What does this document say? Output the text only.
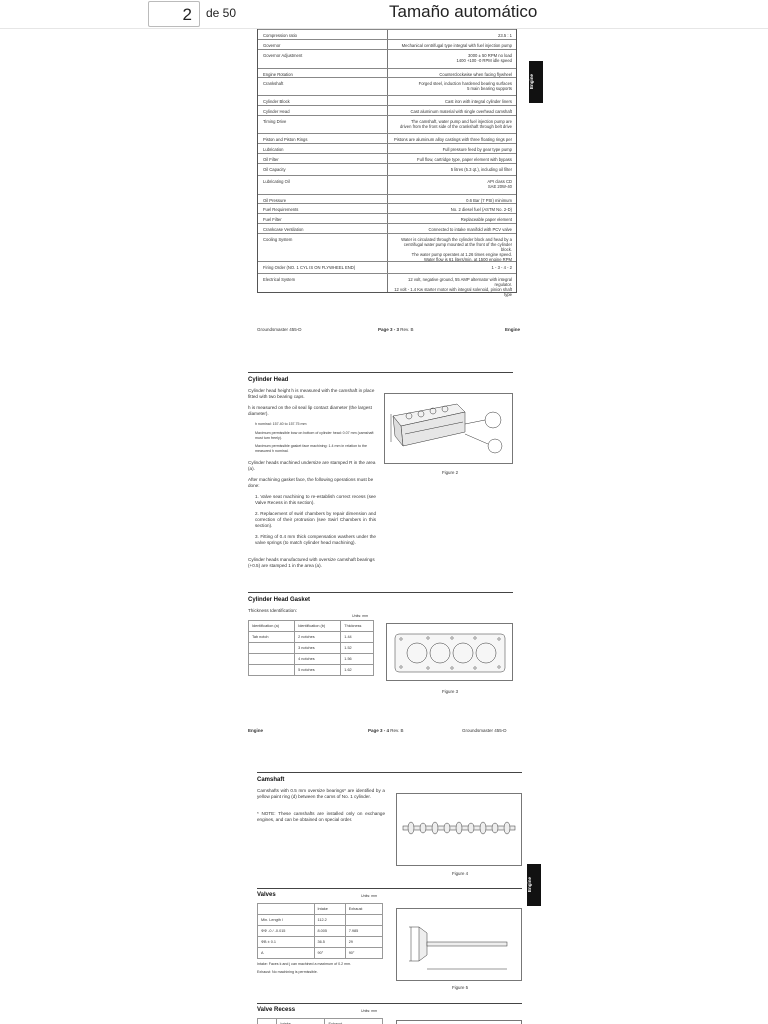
2	de 50	Tamaño automático
Compression ratio	23.5 : 1
Governor	Mechanical centrifugal type integral with fuel injection pump
Governor Adjustment	3000 ± 50 RPM no load
1400 +100 -0 RPM idle speed
Engine Rotation	Counterclockwise when facing flywheel
Crankshaft	Forged steel, induction hardened bearing surfaces
5 main bearing supports
Cylinder Block	Cast iron with integral cylinder liners
Cylinder Head	Cast aluminum material with single overhead camshaft
Timing Drive	The camshaft, water pump and fuel injection pump are
driven from the front side of the crankshaft through belt drive
Piston and Piston Rings	Pistons are aluminum alloy castings with three floating rings per
Lubrication	Full pressure feed by gear type pump
Oil Filter	Full flow, cartridge type, paper element with bypass
Oil Capacity	5 litres (5.3 qt.), including oil filter
Lubricating Oil	API class CD
SAE 20W-40
Oil Pressure	0.6 Bar (7 PSI) minimum
Fuel Requirements	No. 2 diesel fuel (ASTM No. 2-D)
Fuel Filter	Replaceable paper element
Crankcase Ventilation	Connected to intake manifold with PCV valve
Cooling System	Water is circulated through the cylinder block and head by a
centrifugal water pump mounted at the front of the cylinder block.
The water pump operates at 1.26 times engine speed.
Water flow is 61 liters/min. at 1500 engine RPM
Firing Order (NO. 1 CYL IS ON FLYWHEEL END)	1 - 3 - 4 - 2
Electrical System	12 volt, negative ground, 55 AMP alternator with integral regulator.
12 volt - 1.4 Kw starter motor with integral solenoid, pinion shaft type
Engine
Groundsmaster 455-D	Page 3 - 3 Rev. B	Engine
Cylinder Head
Cylinder head height h is measured with the camshaft in place fitted with two bearing caps.
h is measured on the oil seal lip contact diameter (the largest diameter).
h nominal: 157.40 to 157.75 mm
Maximum permissible bow on bottom of cylinder head: 0.07 mm (camshaft must turn freely).
Maximum permissible gasket face machining: 1.4 mm in relation to the measured h nominal.
Cylinder heads machined undersize are stamped R in the area (a).
After machining gasket face, the following operations must be done:
1. Valve seat machining to re-establish correct recess (see Valve Recess in this section).
2. Replacement of swirl chambers by repair dimension and correction of their protrusion (see Swirl Chambers in this section).
3. Fitting of 0.4 mm thick compensation washers under the valve springs (to match cylinder head machining).
Cylinder heads manufactured with oversize camshaft bearings (+0.5) are stamped 1 in the area (a).
Figure 2
Cylinder Head Gasket
Thickness Identification:
Units: mm
Identification (a)	Identification (b)	Thickness
Tab notch	2 notches	1.44
	3 notches	1.52
	4 notches	1.56
	5 notches	1.62
Figure 3
Engine	Page 3 - 4 Rev. B	Groundsmaster 455-D
Camshaft
Camshafts with 0.5 mm oversize bearings* are identified by a yellow paint ring (d) between the cams of No. 1 cylinder.
* NOTE: These camshafts are installed only on exchange engines, and can be obtained on special order.
Figure 4
Engine
Valves	Units: mm
	Intake	Exhaust
Min. Length l	112.2	
ΦΦ -0 / -0.015	8.005	7.985
ΦB ± 0.1	36.5	29
A	90°	90°
Intake: Faces k and j can machined a maximum of 0.2 mm.
Exhaust: No machining is permissible.
Figure 5
Valve Recess	Units: mm
	Intake	Exhaust
